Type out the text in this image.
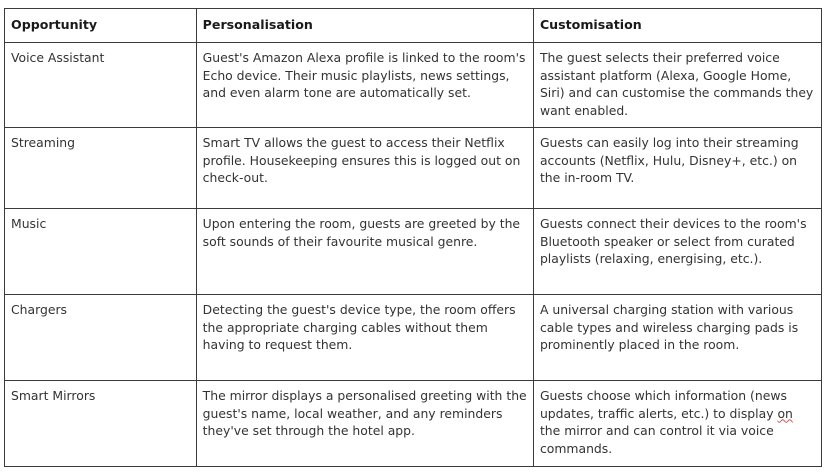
Opportunity	Personalisation	Customisation
Voice Assistant	Guest's Amazon Alexa profile is linked to the room's Echo device. Their music playlists, news settings, and even alarm tone are automatically set.	The guest selects their preferred voice assistant platform (Alexa, Google Home, Siri) and can customise the commands they want enabled.
Streaming	Smart TV allows the guest to access their Netflix profile. Housekeeping ensures this is logged out on check-out.	Guests can easily log into their streaming accounts (Netflix, Hulu, Disney+, etc.) on the in-room TV.
Music	Upon entering the room, guests are greeted by the soft sounds of their favourite musical genre.	Guests connect their devices to the room's Bluetooth speaker or select from curated playlists (relaxing, energising, etc.).
Chargers	Detecting the guest's device type, the room offers the appropriate charging cables without them having to request them.	A universal charging station with various cable types and wireless charging pads is prominently placed in the room.
Smart Mirrors	The mirror displays a personalised greeting with the guest's name, local weather, and any reminders they've set through the hotel app.	Guests choose which information (news updates, traffic alerts, etc.) to display on the mirror and can control it via voice commands.
